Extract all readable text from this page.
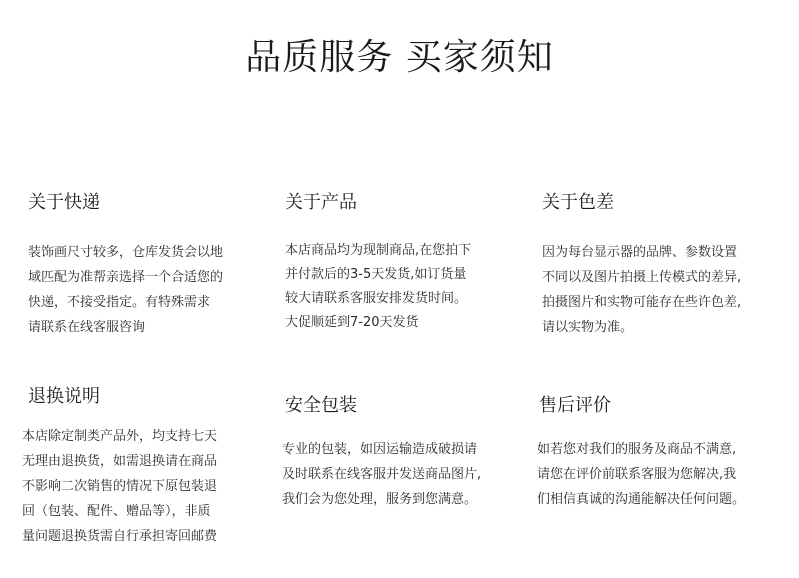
品质服务 买家须知
关于快递
装饰画尺寸较多，仓库发货会以地
域匹配为准帮亲选择一个合适您的
快递，不接受指定。有特殊需求
请联系在线客服咨询
关于产品
本店商品均为现制商品,在您拍下
并付款后的3-5天发货,如订货量
较大请联系客服安排发货时间。
大促顺延到7-20天发货
关于色差
因为每台显示器的品牌、参数设置
不同以及图片拍摄上传模式的差异,
拍摄图片和实物可能存在些许色差,
请以实物为准。
退换说明
本店除定制类产品外，均支持七天
无理由退换货，如需退换请在商品
不影响二次销售的情况下原包装退
回（包装、配件、赠品等），非质
量问题退换货需自行承担寄回邮费
安全包装
专业的包装，如因运输造成破损请
及时联系在线客服并发送商品图片,
我们会为您处理，服务到您满意。
售后评价
如若您对我们的服务及商品不满意,
请您在评价前联系客服为您解决,我
们相信真诚的沟通能解决任何问题。
